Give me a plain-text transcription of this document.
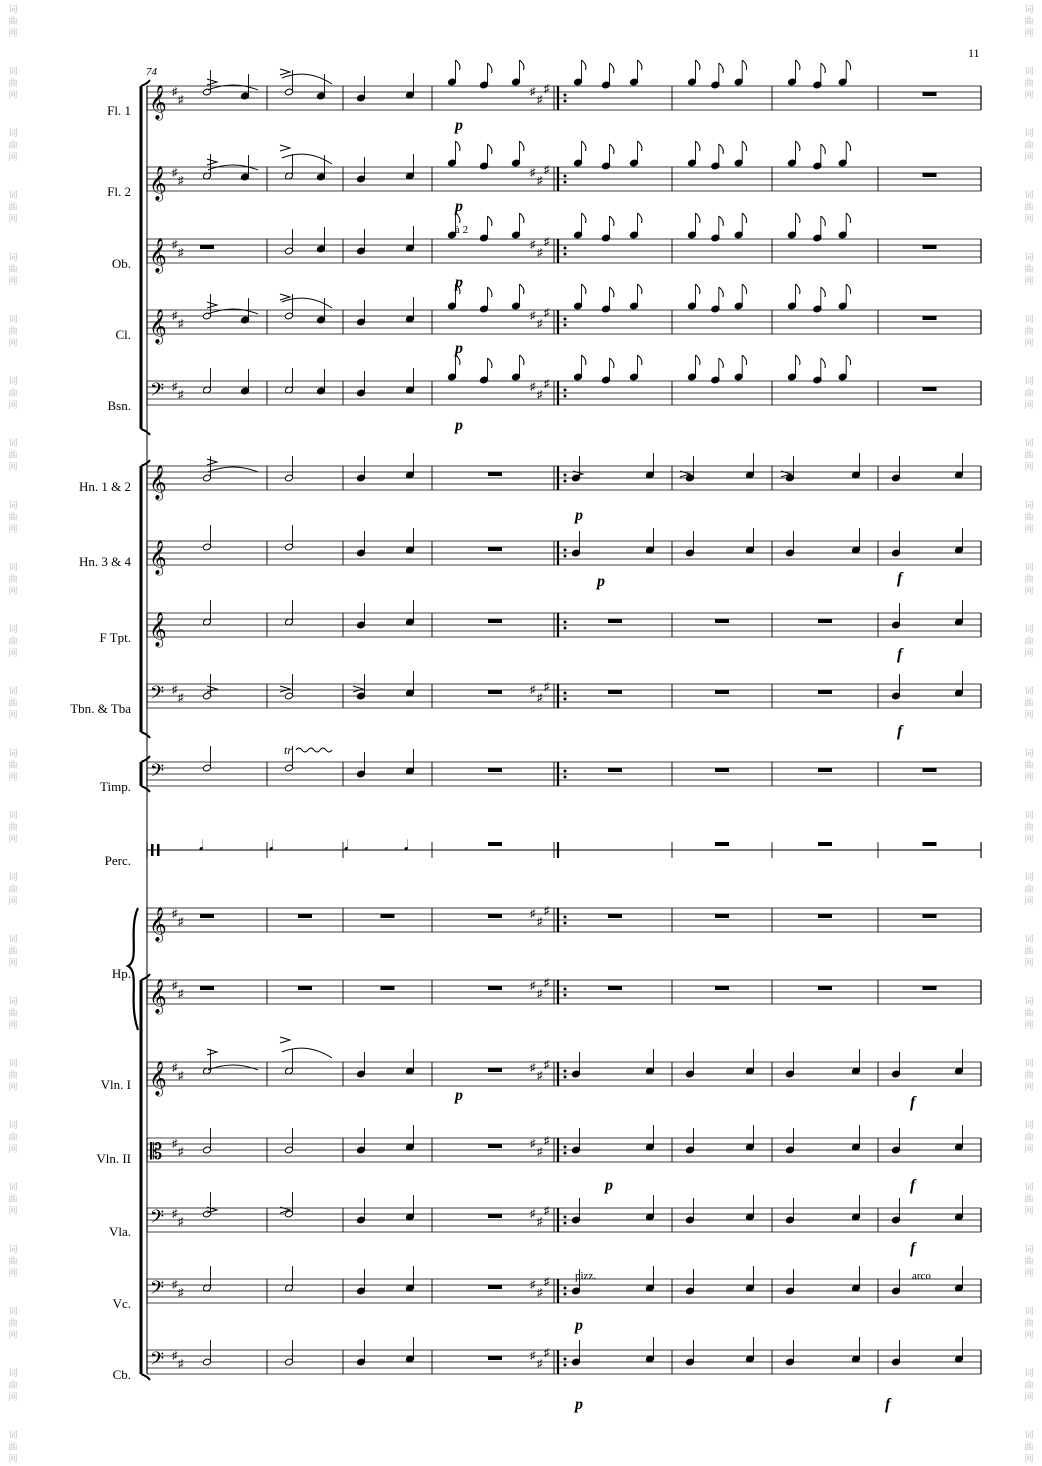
11
74
Fl. 1
Fl. 2
Ob.
Cl.
Bsn.
Hn. 1 & 2
Hn. 3 & 4
F Tpt.
Tbn. & Tba
Timp.
Perc.
Hp.
Vln. I
Vln. II
Vla.
Vc.
Cb.
词
曲
网
词
曲
网
词
曲
网
词
曲
网
词
曲
网
词
曲
网
词
曲
网
词
曲
网
词
曲
网
词
曲
网
词
曲
网
词
曲
网
词
曲
网
词
曲
网
词
曲
网
词
曲
网
词
曲
网
词
曲
网
词
曲
网
词
曲
网
词
曲
网
词
曲
网
词
曲
网
词
曲
网
词
曲
网
词
曲
网
词
曲
网
词
曲
网
词
曲
网
词
曲
网
词
曲
网
词
曲
网
词
曲
网
词
曲
网
词
曲
网
词
曲
网
词
曲
网
词
曲
网
词
曲
网
词
曲
网
词
曲
网
词
曲
网
词
曲
网
词
曲
网
词
曲
网
词
曲
网
词
曲
网
词
曲
网
𝄞 ♯
♯
♯
♯
♯
𝄞 ♯
♯
♯
♯
♯
𝄞 ♯
♯
♯
♯
♯
𝄞 ♯
♯
♯
♯
♯
𝄢 ♯
♯
♯
♯
♯
𝄞
𝄞
𝄞
𝄢 ♯
♯
♯
♯
♯
𝄢
𝄞 ♯
♯
♯
♯
♯
𝄞 ♯
♯
♯
♯
♯
𝄞 ♯
♯
♯
♯
♯
𝄡 ♯
♯
♯
♯
♯
𝄢 ♯
♯
♯
♯
♯
𝄢 ♯
♯
♯
♯
♯
𝄢 ♯
♯
♯
♯
♯
𝅘𝅥	𝅘𝅥	𝅘𝅥	𝅘𝅥
p
p
p
p
p
p
p	f
f
f
p	f
p	f
f
p
p	f
à 2
pizz.	arco
tr
